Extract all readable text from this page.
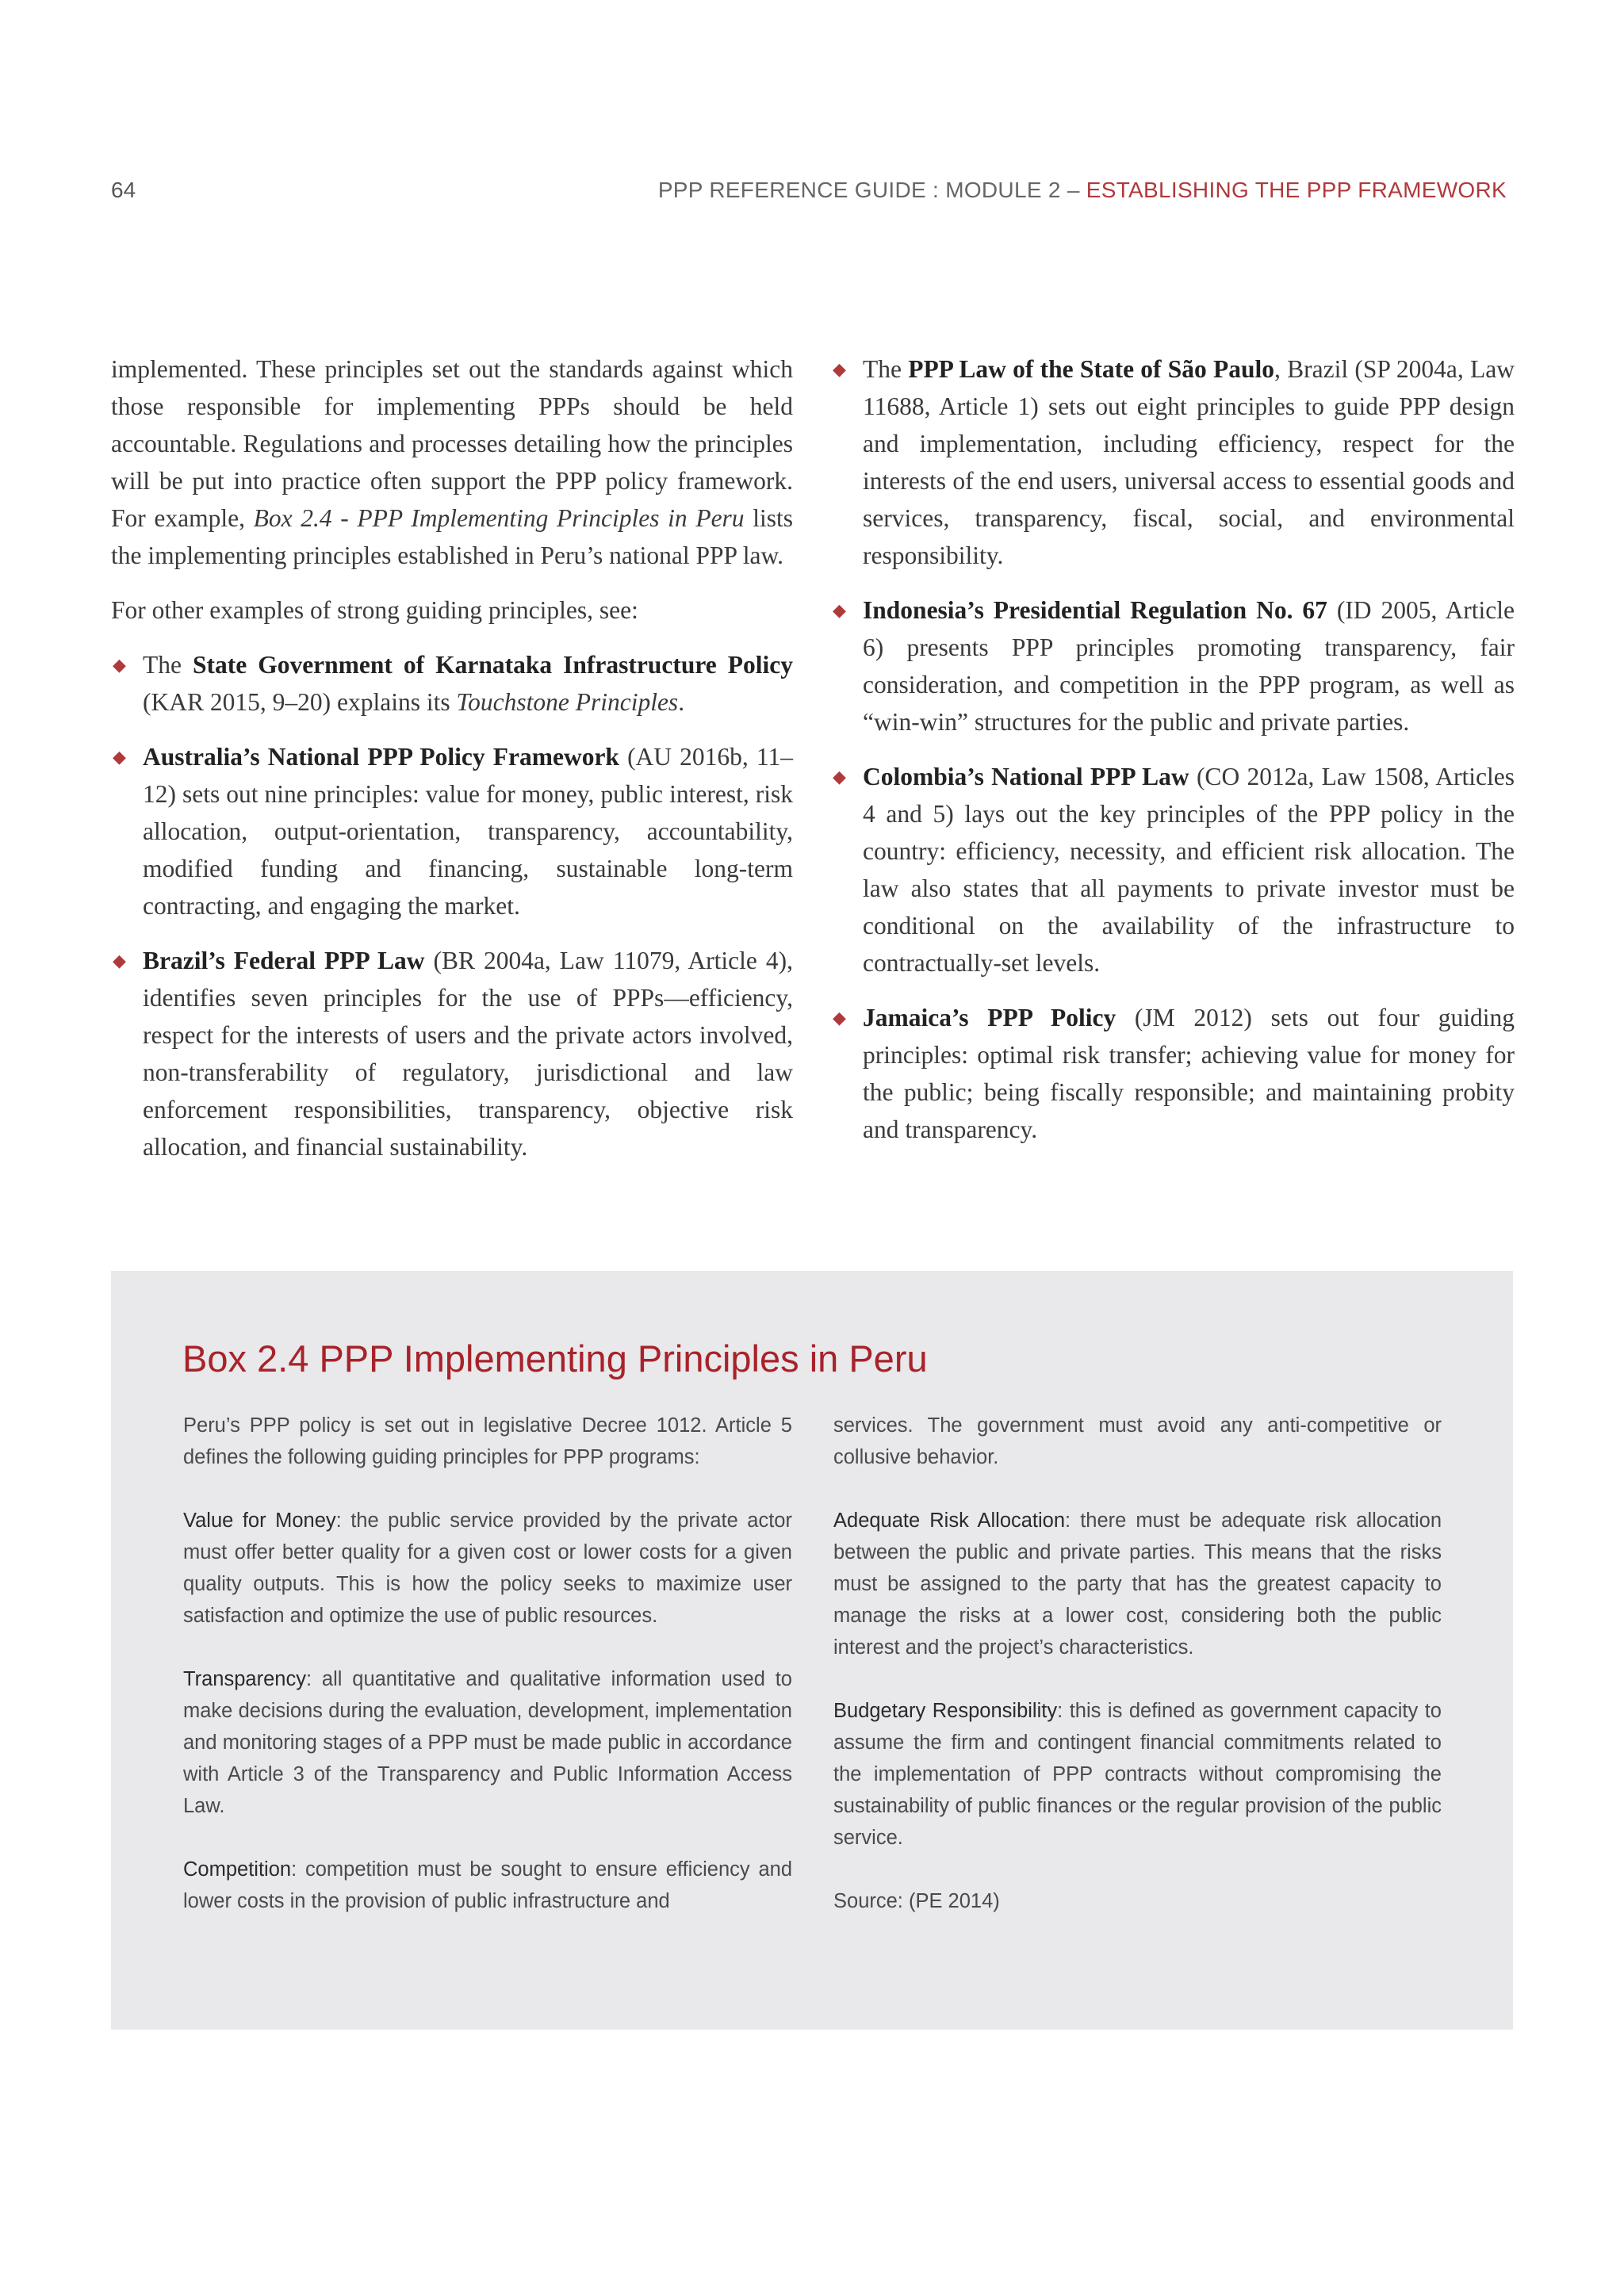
64	PPP REFERENCE GUIDE : MODULE 2 – ESTABLISHING THE PPP FRAMEWORK

implemented. These principles set out the standards against which those responsible for implementing PPPs should be held accountable. Regulations and processes detailing how the principles will be put into practice often support the PPP policy framework. For example, Box 2.4 - PPP Implementing Principles in Peru lists the implementing principles established in Peru’s national PPP law.

For other examples of strong guiding principles, see:

◆ The State Government of Karnataka Infrastructure Policy (KAR 2015, 9–20) explains its Touchstone Principles.
◆ Australia’s National PPP Policy Framework (AU 2016b, 11–12) sets out nine principles: value for money, public interest, risk allocation, output-orientation, transparency, accountability, modified funding and financing, sustainable long-term contracting, and engaging the market.
◆ Brazil’s Federal PPP Law (BR 2004a, Law 11079, Article 4), identifies seven principles for the use of PPPs—efficiency, respect for the interests of users and the private actors involved, non-transferability of regulatory, jurisdictional and law enforcement responsibilities, transparency, objective risk allocation, and financial sustainability.
◆ The PPP Law of the State of São Paulo, Brazil (SP 2004a, Law 11688, Article 1) sets out eight principles to guide PPP design and implementation, including efficiency, respect for the interests of the end users, universal access to essential goods and services, transparency, fiscal, social, and environmental responsibility.
◆ Indonesia’s Presidential Regulation No. 67 (ID 2005, Article 6) presents PPP principles promoting transparency, fair consideration, and competition in the PPP program, as well as “win-win” structures for the public and private parties.
◆ Colombia’s National PPP Law (CO 2012a, Law 1508, Articles 4 and 5) lays out the key principles of the PPP policy in the country: efficiency, necessity, and efficient risk allocation. The law also states that all payments to private investor must be conditional on the availability of the infrastructure to contractually-set levels.
◆ Jamaica’s PPP Policy (JM 2012) sets out four guiding principles: optimal risk transfer; achieving value for money for the public; being fiscally responsible; and maintaining probity and transparency.
Box 2.4 PPP Implementing Principles in Peru

Peru’s PPP policy is set out in legislative Decree 1012. Article 5 defines the following guiding principles for PPP programs:

Value for Money: the public service provided by the private actor must offer better quality for a given cost or lower costs for a given quality outputs. This is how the policy seeks to maximize user satisfaction and optimize the use of public resources.

Transparency: all quantitative and qualitative information used to make decisions during the evaluation, development, implementation and monitoring stages of a PPP must be made public in accordance with Article 3 of the Transparency and Public Information Access Law.

Competition: competition must be sought to ensure efficiency and lower costs in the provision of public infrastructure and

services. The government must avoid any anti-competitive or collusive behavior.

Adequate Risk Allocation: there must be adequate risk allocation between the public and private parties. This means that the risks must be assigned to the party that has the greatest capacity to manage the risks at a lower cost, considering both the public interest and the project’s characteristics.

Budgetary Responsibility: this is defined as government capacity to assume the firm and contingent financial commitments related to the implementation of PPP contracts without compromising the sustainability of public finances or the regular provision of the public service.

Source: (PE 2014)
